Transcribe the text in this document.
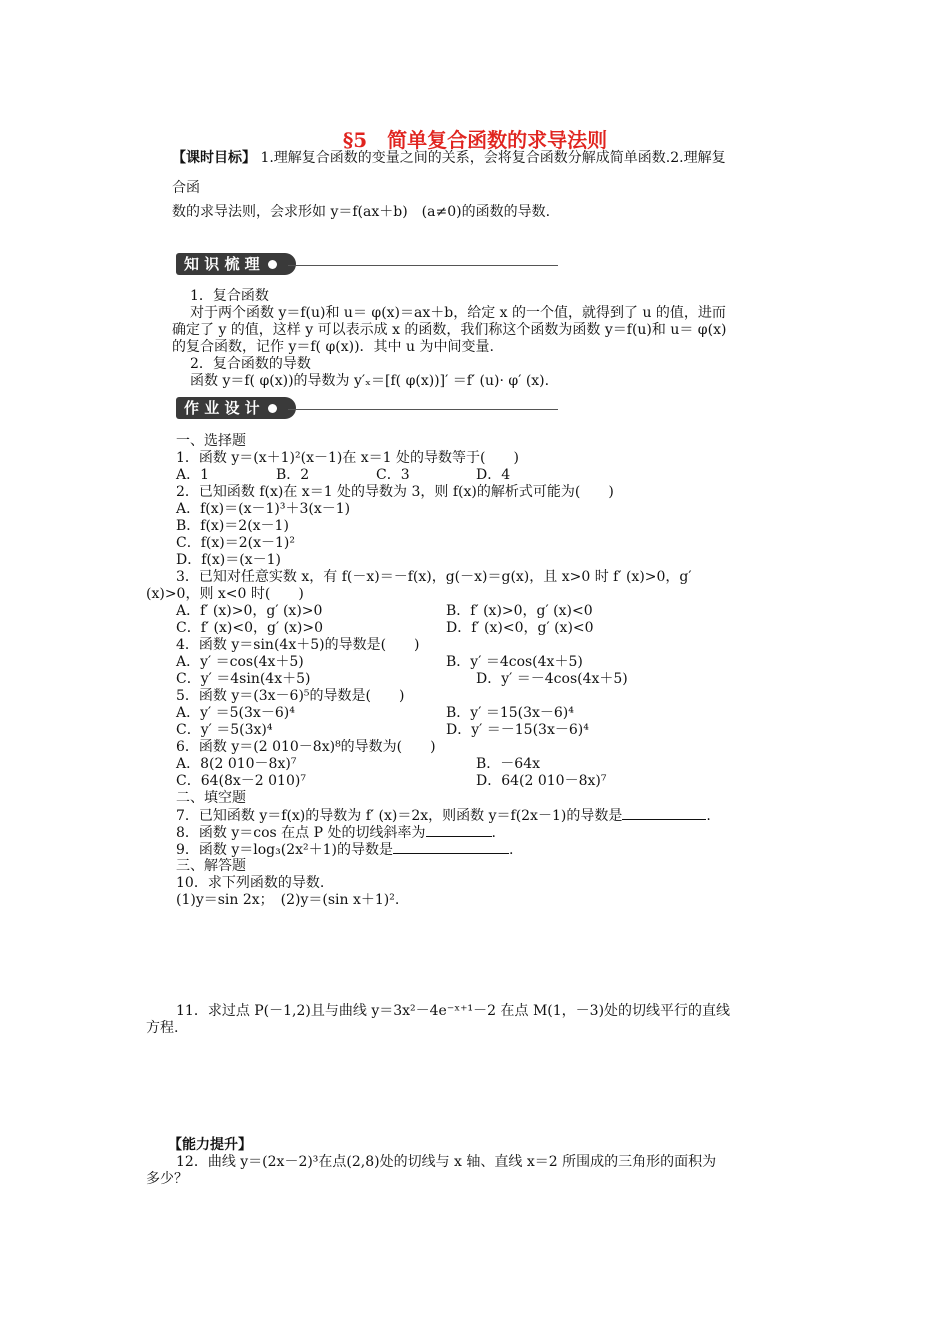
§5　简单复合函数的求导法则
【课时目标】 1.理解复合函数的变量之间的关系，会将复合函数分解成简单函数.2.理解复
合函
数的求导法则，会求形如 y＝f(ax＋b)　(a≠0)的函数的导数.
知 识 梳 理
1．复合函数
对于两个函数 y＝f(u)和 u＝ φ(x)＝ax＋b，给定 x 的一个值，就得到了 u 的值，进而
确定了 y 的值，这样 y 可以表示成 x 的函数，我们称这个函数为函数 y＝f(u)和 u＝ φ(x)
的复合函数，记作 y＝f( φ(x))．其中 u 为中间变量.
2．复合函数的导数
函数 y＝f( φ(x))的导数为 y′ₓ＝[f( φ(x))]′ ＝f′ (u)· φ′ (x).
作 业 设 计
一、选择题
1．函数 y＝(x＋1)²(x－1)在 x＝1 处的导数等于(　　)
A．1	B．2	C．3	D．4
2．已知函数 f(x)在 x＝1 处的导数为 3，则 f(x)的解析式可能为(　　)
A．f(x)＝(x－1)³＋3(x－1)
B．f(x)＝2(x－1)
C．f(x)＝2(x－1)²
D．f(x)＝(x－1)
3．已知对任意实数 x，有 f(－x)＝－f(x)，g(－x)＝g(x)，且 x>0 时 f′ (x)>0，g′
(x)>0，则 x<0 时(　　)
A．f′ (x)>0，g′ (x)>0	B．f′ (x)>0，g′ (x)<0
C．f′ (x)<0，g′ (x)>0	D．f′ (x)<0，g′ (x)<0
4．函数 y＝sin(4x＋5)的导数是(　　)
A．y′ ＝cos(4x＋5)	B．y′ ＝4cos(4x＋5)
C．y′ ＝4sin(4x＋5)	D．y′ ＝－4cos(4x＋5)
5．函数 y＝(3x－6)⁵的导数是(　　)
A．y′ ＝5(3x－6)⁴	B．y′ ＝15(3x－6)⁴
C．y′ ＝5(3x)⁴	D．y′ ＝－15(3x－6)⁴
6．函数 y＝(2 010－8x)⁸的导数为(　　)
A．8(2 010－8x)⁷	B．－64x
C．64(8x－2 010)⁷	D．64(2 010－8x)⁷
二、填空题
7．已知函数 y＝f(x)的导数为 f′ (x)＝2x，则函数 y＝f(2x－1)的导数是	.
8．函数 y＝cos 在点 P 处的切线斜率为	.
9．函数 y＝log₃(2x²＋1)的导数是	.
三、解答题
10．求下列函数的导数.
(1)y＝sin 2x；　(2)y＝(sin x＋1)².
11．求过点 P(－1,2)且与曲线 y＝3x²－4e⁻ˣ⁺¹－2 在点 M(1，－3)处的切线平行的直线
方程.
【能力提升】
12．曲线 y＝(2x－2)³在点(2,8)处的切线与 x 轴、直线 x＝2 所围成的三角形的面积为
多少？
